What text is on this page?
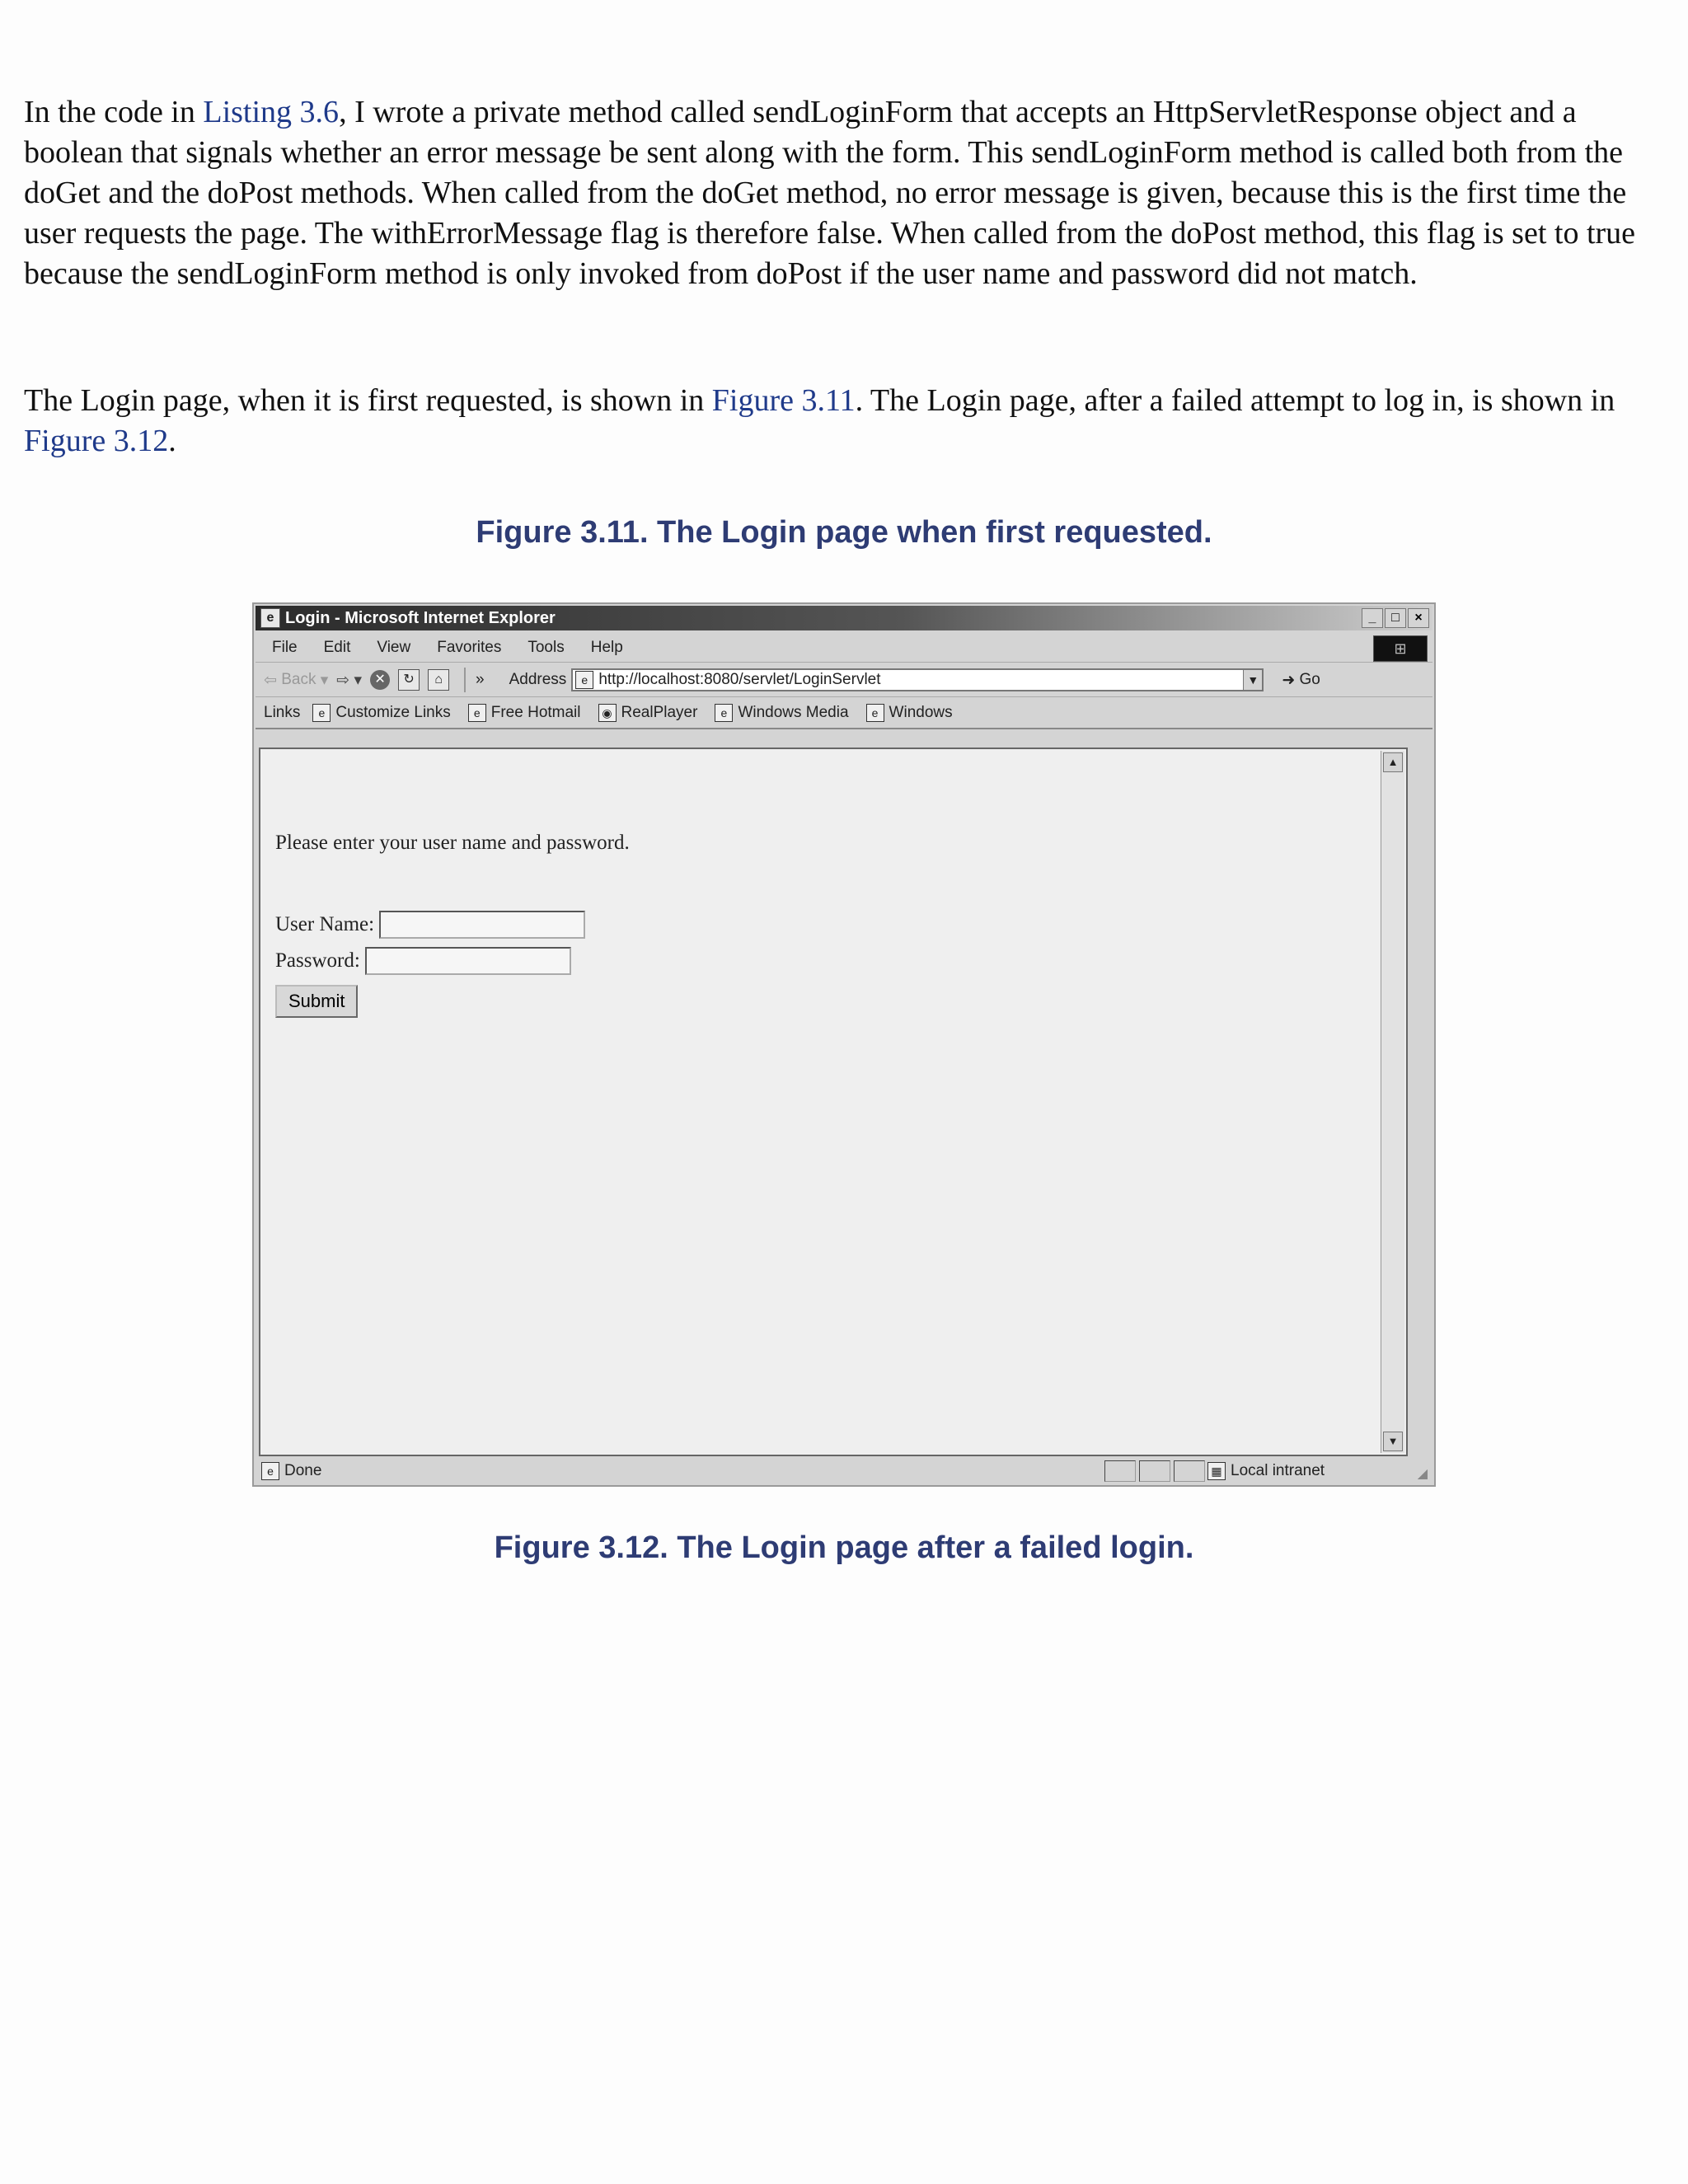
In the code in Listing 3.6, I wrote a private method called sendLoginForm that accepts an HttpServletResponse object and a boolean that signals whether an error message be sent along with the form. This sendLoginForm method is called both from the doGet and the doPost methods. When called from the doGet method, no error message is given, because this is the first time the user requests the page. The withErrorMessage flag is therefore false. When called from the doPost method, this flag is set to true because the sendLoginForm method is only invoked from doPost if the user name and password did not match.

The Login page, when it is first requested, is shown in Figure 3.11. The Login page, after a failed attempt to log in, is shown in Figure 3.12.

Figure 3.11. The Login page when first requested.

e Login - Microsoft Internet Explorer	_	□	×
File Edit View Favorites Tools Help	⊞
⇦ Back ▾ ⇨ ▾ ✕	↻	⌂	» Address	e http://localhost:8080/servlet/LoginServlet	▼ ➜ Go
Links	e Customize Links	e Free Hotmail	◉ RealPlayer	e Windows Media	e Windows
Please enter your user name and password.
User Name:
Password:
Submit
▲
▼
e Done	▦ Local intranet	◢

Figure 3.12. The Login page after a failed login.
